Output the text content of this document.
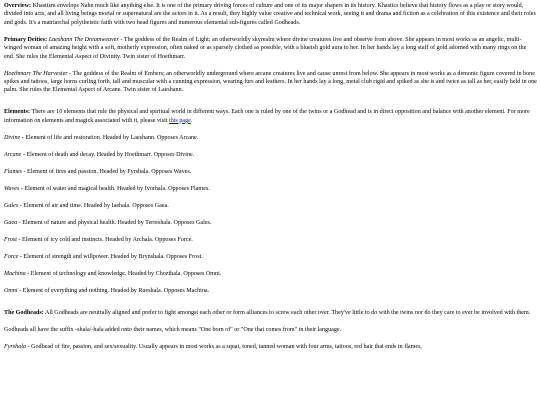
Overview: Khastism envelops Nahn much like anything else. It is one of the primary driving forces of culture and one of its major shapers in its history. Khastics believe that history flows as a play or story would, divided into acts, and all living beings mortal or supernatural are the actors in it. As a result, they highly value creative and technical work, seeing it and drama and fiction as a celebration of this existence and their roles and gods. It's a matriarchal polytheistic faith with two head figures and numerous elemental sub-figures called Godheads.

Primary Deities: Laeshann The Dreamweaver - The goddess of the Realm of Light; an otherworldly skyrealm where divine creatures live and observe from above. She appears in most works as an angelic, multi-winged woman of amazing height with a soft, motherly expression, often naked or as sparsely clothed as possible, with a blueish gold aura to her. In her hands lay a long staff of gold adorned with many rings on the end. She rules the Elemental Aspect of Divinity. Twin sister of Hoethmarr.

Hoethmarr The Harvester - The goddess of the Realm of Embers; an otherworldly underground where arcane creatures live and cause unrest from below. She appears in most works as a demonic figure covered in bone spikes and tattoos, large horns curling forth, tall and muscular with a cunning expression, wearing furs and leathers. In her hands lay a long, metal club rigid and spiked as she is and twice as tall as her, easily held in one palm. She rules the Elemental Aspect of Arcane. Twin sister of Laeshann.

Elements: There are 10 elements that rule the physical and spiritual world in different ways. Each one is ruled by one of the twins or a Godhead and is in direct opposition and balance with another element. For more information on elements and magick associated with it, please visit this page.

Divine - Element of life and restoration. Headed by Laeshann. Opposes Arcane.

Arcane - Element of death and decay. Headed by Hoethmarr. Opposes Divine.

Flames - Element of fires and passion. Headed by Fyrshala. Opposes Waves.

Waves - Element of water and magical health. Headed by Ivorhala. Opposes Flames.

Gales - Element of air and time. Headed by Iaehala. Opposes Gaea.

Gaea - Element of nature and physical health. Headed by Terreshala. Opposes Gales.

Frost - Element of icy cold and instincts. Headed by Archala. Opposes Force.

Force - Element of strength and willpower. Headed by Brynshala. Opposes Frost.

Machina - Element of technology and knowledge. Headed by Chozthala. Opposes Omni.

Omni - Element of everything and nothing. Headed by Rueshala. Opposes Machina.

The Godheads: All Godheads are neutrally aligned and prefer to fight amongst each other or form alliances to screw each other over. They've little to do with the twins nor do they care to ever be involved with them.

Godheads all have the suffix -shala/-hala added onto their names, which means "One born of" or "One that comes from" in their language.

Fyrshala - Godhead of fire, passion, and sex/sexuality. Usually appears in most works as a squat, toned, tanned woman with four arms, tattoos, red hair that ends in flames,
